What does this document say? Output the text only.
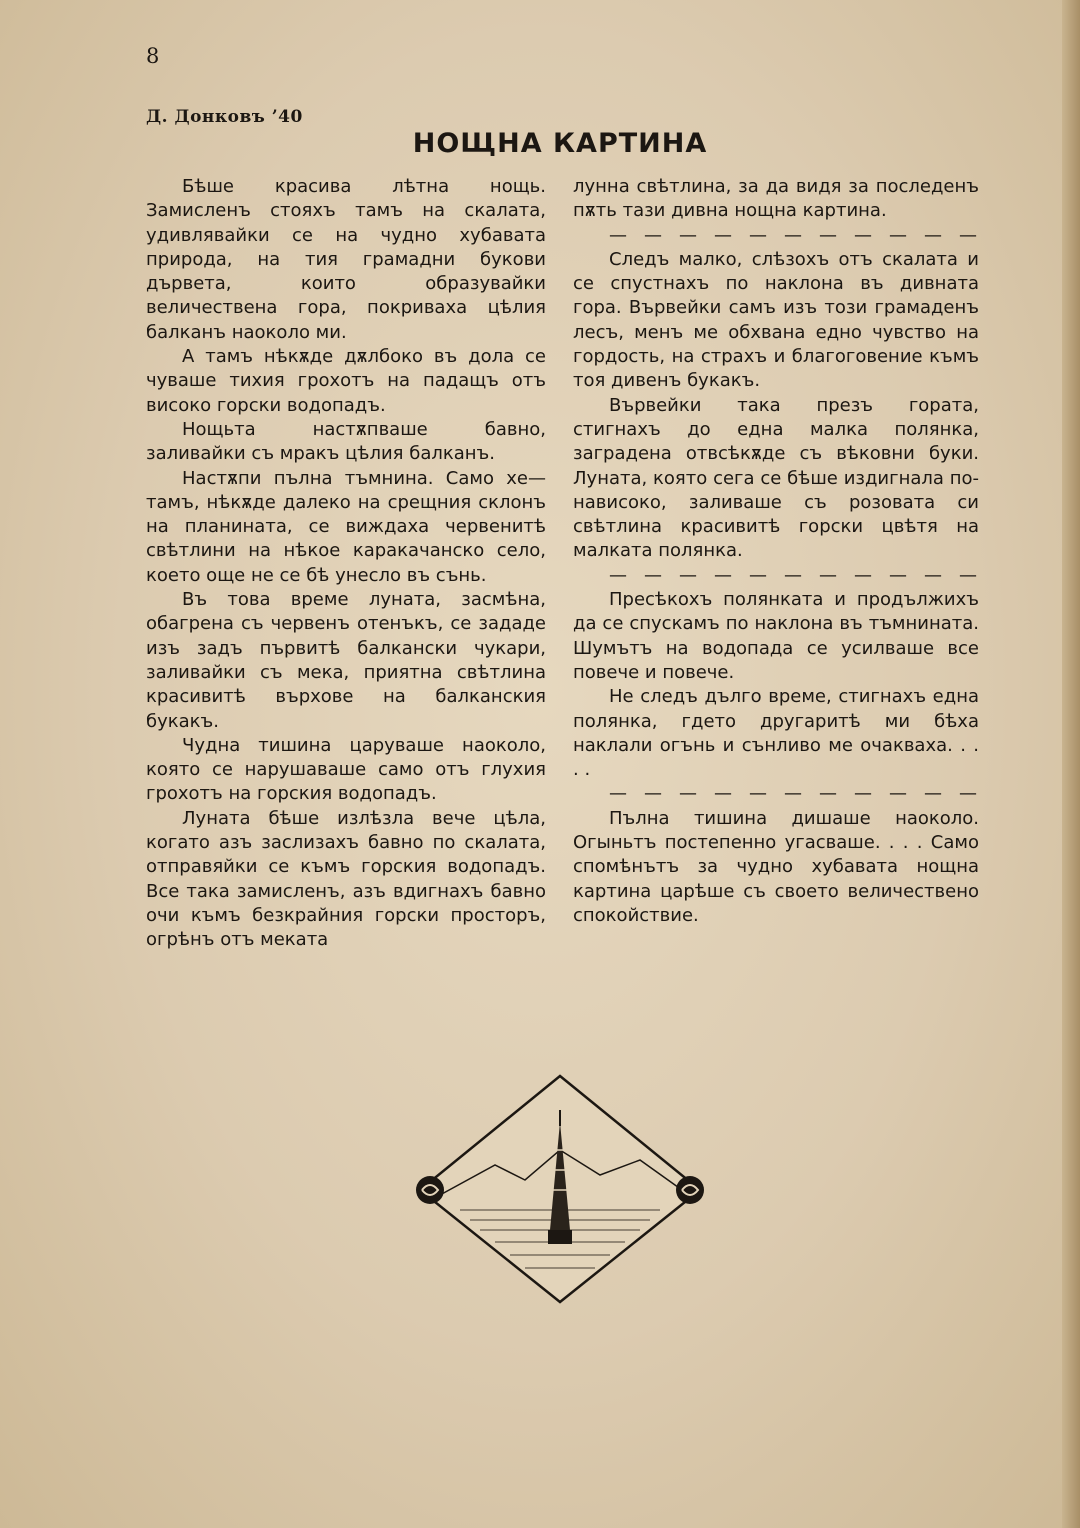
8
Д. Донковъ ’40
НОЩНА КАРТИНА

Бѣше красива лѣтна нощь. Замисленъ стояхъ тамъ на скалата, удивлявайки се на чудно хубавата природа, на тия грамадни букови дървета, които образувайки величествена гора, покриваха цѣлия балканъ наоколо ми.

А тамъ нѣкѫде дѫлбоко въ дола се чуваше тихия грохотъ на падащъ отъ високо горски водопадъ.

Нощьта настѫпваше бавно, заливайки съ мракъ цѣлия балканъ.

Настѫпи пълна тъмнина. Само хе—тамъ, нѣкѫде далеко на срещния склонъ на планината, се виждаха червенитѣ свѣтлини на нѣкое каракачанско село, което още не се бѣ унесло въ сънь.

Въ това време луната, засмѣна, обагрена съ червенъ отенъкъ, се зададе изъ задъ първитѣ балкански чукари, заливайки съ мека, приятна свѣтлина красивитѣ върхове на балканския букакъ.

Чудна тишина царуваше наоколо, която се нарушаваше само отъ глухия грохотъ на горския водопадъ.

Луната бѣше излѣзла вече цѣла, когато азъ заслизахъ бавно по скалата, отправяйки се къмъ горския водопадъ. Все така замисленъ, азъ вдигнахъ бавно очи къмъ безкрайния горски просторъ, огрѣнъ отъ меката

лунна свѣтлина, за да видя за последенъ пѫть тази дивна нощна картина.

— — — — — — — — — — —

Следъ малко, слѣзохъ отъ скалата и се спустнахъ по наклона въ дивната гора. Вървейки самъ изъ този грамаденъ лесъ, менъ ме обхвана едно чувство на гордость, на страхъ и благоговение къмъ тоя дивенъ букакъ.

Вървейки така презъ гората, стигнахъ до една малка полянка, заградена отвсѣкѫде съ вѣковни буки. Луната, която сега се бѣше издигнала по-нависоко, заливаше съ розовата си свѣтлина красивитѣ горски цвѣтя на малката полянка.

— — — — — — — — — — —

Пресѣкохъ полянката и продължихъ да се спускамъ по наклона въ тъмнината. Шумътъ на водопада се усилваше все повече и повече.

Не следъ дълго време, стигнахъ една полянка, гдето другаритѣ ми бѣха наклали огънь и сънливо ме очакваха. . . . .

— — — — — — — — — — —

Пълна тишина дишаше наоколо. Огыньтъ постепенно угасваше. . . . Само спомѣнътъ за чудно хубавата нощна картина царѣше съ своето величествено спокойствие.
